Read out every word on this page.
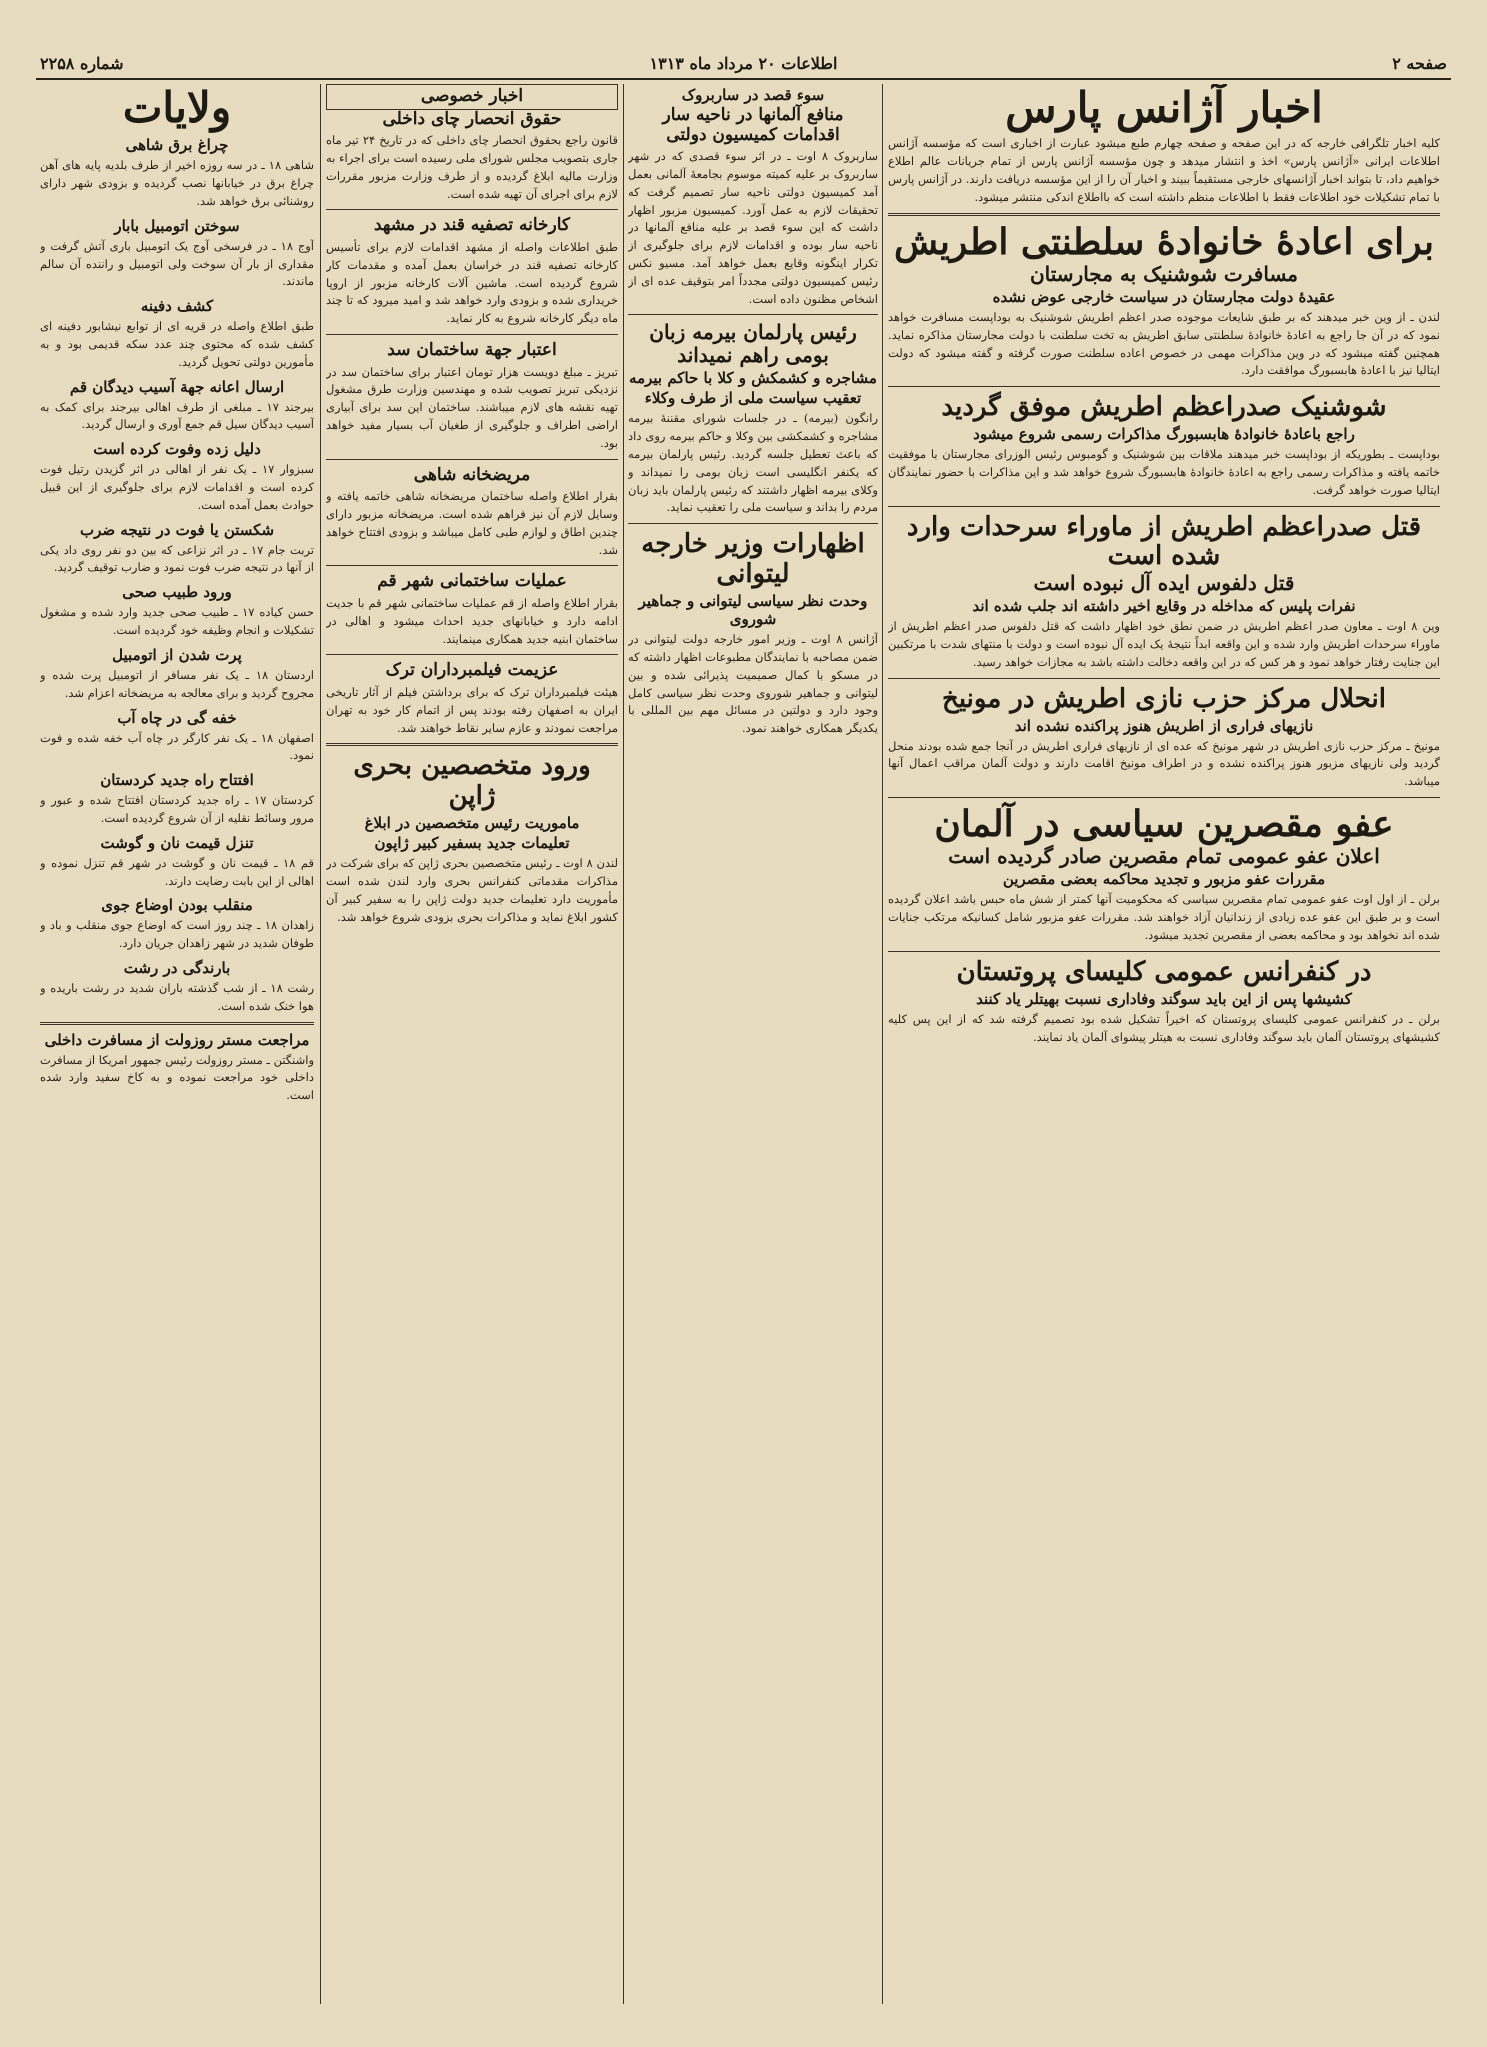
صفحه ۲
اطلاعات ۲۰ مرداد ماه ۱۳۱۳
شماره ۲۲۵۸
اخبار آژانس پارس
کلیه اخبار تلگرافی خارجه که در این صفحه و صفحه چهارم طبع میشود عبارت از اخباری است که مؤسسه آژانس اطلاعات ایرانی «آژانس پارس» اخذ و انتشار میدهد و چون مؤسسه آژانس پارس از تمام جریانات عالم اطلاع خواهیم داد، تا بتواند اخبار آژانسهای خارجی مستقیماً ببیند و اخبار آن را از این مؤسسه دریافت دارند. در آژانس پارس با تمام تشکیلات خود اطلاعات فقط با اطلاعات منظم داشته است که بااطلاع اندکی منتشر میشود.
برای اعادهٔ خانوادهٔ سلطنتی اطریش
مسافرت شوشنیک به مجارستان
عقیدهٔ دولت مجارستان در سیاست خارجی عوض نشده
لندن ـ از وین خبر میدهند که بر طبق شایعات موجوده صدر اعظم اطریش شوشنیک به بوداپست مسافرت خواهد نمود که در آن جا راجع به اعادهٔ خانوادهٔ سلطنتی سابق اطریش به تخت سلطنت با دولت مجارستان مذاکره نماید. همچنین گفته میشود که در وین مذاکرات مهمی در خصوص اعاده سلطنت صورت گرفته و گفته میشود که دولت ایتالیا نیز با اعادهٔ هابسبورگ موافقت دارد.
شوشنیک صدراعظم اطریش موفق گردید
راجع باعادهٔ خانوادهٔ هابسبورگ مذاکرات رسمی شروع میشود
بوداپست ـ بطوریکه از بوداپست خبر میدهند ملاقات بین شوشنیک و گومبوس رئیس الوزرای مجارستان با موفقیت خاتمه یافته و مذاکرات رسمی راجع به اعادهٔ خانوادهٔ هابسبورگ شروع خواهد شد و این مذاکرات با حضور نمایندگان ایتالیا صورت خواهد گرفت.
قتل صدراعظم اطریش از ماوراء سرحدات وارد شده است
قتل دلفوس ایده آل نبوده است
نفرات پلیس که مداخله در وقایع اخیر داشته اند جلب شده اند
وین ۸ اوت ـ معاون صدر اعظم اطریش در ضمن نطق خود اظهار داشت که قتل دلفوس صدر اعظم اطریش از ماوراء سرحدات اطریش وارد شده و این واقعه ابداً نتیجهٔ یک ایده آل نبوده است و دولت با منتهای شدت با مرتکبین این جنایت رفتار خواهد نمود و هر کس که در این واقعه دخالت داشته باشد به مجازات خواهد رسید.
انحلال مرکز حزب نازی اطریش در مونیخ
نازیهای فراری از اطریش هنوز پراکنده نشده اند
مونیخ ـ مرکز حزب نازی اطریش در شهر مونیخ که عده ای از نازیهای فراری اطریش در آنجا جمع شده بودند منحل گردید ولی نازیهای مزبور هنوز پراکنده نشده و در اطراف مونیخ اقامت دارند و دولت آلمان مراقب اعمال آنها میباشد.
عفو مقصرین سیاسی در آلمان
اعلان عفو عمومی تمام مقصرین صادر گردیده است
مقررات عفو مزبور و تجدید محاکمه بعضی مقصرین
برلن ـ از اول اوت عفو عمومی تمام مقصرین سیاسی که محکومیت آنها کمتر از شش ماه حبس باشد اعلان گردیده است و بر طبق این عفو عده زیادی از زندانیان آزاد خواهند شد. مقررات عفو مزبور شامل کسانیکه مرتکب جنایات شده اند نخواهد بود و محاکمه بعضی از مقصرین تجدید میشود.
در کنفرانس عمومی کلیسای پروتستان
کشیشها پس از این باید سوگند وفاداری نسبت بهیتلر یاد کنند
برلن ـ در کنفرانس عمومی کلیسای پروتستان که اخیراً تشکیل شده بود تصمیم گرفته شد که از این پس کلیه کشیشهای پروتستان آلمان باید سوگند وفاداری نسبت به هیتلر پیشوای آلمان یاد نمایند.
سوء قصد در ساربروک
منافع آلمانها در ناحیه سار
اقدامات کمیسیون دولتی
ساربروک ۸ اوت ـ در اثر سوء قصدی که در شهر ساربروک بر علیه کمیته موسوم بجامعهٔ آلمانی بعمل آمد کمیسیون دولتی ناحیه سار تصمیم گرفت که تحقیقات لازم به عمل آورد. کمیسیون مزبور اظهار داشت که این سوء قصد بر علیه منافع آلمانها در ناحیه سار بوده و اقدامات لازم برای جلوگیری از تکرار اینگونه وقایع بعمل خواهد آمد. مسیو نکس رئیس کمیسیون دولتی مجدداً امر بتوقیف عده ای از اشخاص مظنون داده است.
رئیس پارلمان بیرمه زبان
بومی راهم نمیداند
مشاجره و کشمکش و کلا با حاکم بیرمه
تعقیب سیاست ملی از طرف وکلاء
رانگون (بیرمه) ـ در جلسات شورای مقننهٔ بیرمه مشاجره و کشمکشی بین وکلا و حاکم بیرمه روی داد که باعث تعطیل جلسه گردید. رئیس پارلمان بیرمه که یکنفر انگلیسی است زبان بومی را نمیداند و وکلای بیرمه اظهار داشتند که رئیس پارلمان باید زبان مردم را بداند و سیاست ملی را تعقیب نماید.
اظهارات وزیر خارجه لیتوانی
وحدت نظر سیاسی لیتوانی و جماهیر شوروی
آژانس ۸ اوت ـ وزیر امور خارجه دولت لیتوانی در ضمن مصاحبه با نمایندگان مطبوعات اظهار داشته که در مسکو با کمال صمیمیت پذیرائی شده و بین لیتوانی و جماهیر شوروی وحدت نظر سیاسی کامل وجود دارد و دولتین در مسائل مهم بین المللی با یکدیگر همکاری خواهند نمود.
اخبار خصوصی
حقوق انحصار چای داخلی
قانون راجع بحقوق انحصار چای داخلی که در تاریخ ۲۴ تیر ماه جاری بتصویب مجلس شورای ملی رسیده است برای اجراء به وزارت مالیه ابلاغ گردیده و از طرف وزارت مزبور مقررات لازم برای اجرای آن تهیه شده است.
کارخانه تصفیه قند در مشهد
طبق اطلاعات واصله از مشهد اقدامات لازم برای تأسیس کارخانه تصفیه قند در خراسان بعمل آمده و مقدمات کار شروع گردیده است. ماشین آلات کارخانه مزبور از اروپا خریداری شده و بزودی وارد خواهد شد و امید میرود که تا چند ماه دیگر کارخانه شروع به کار نماید.
اعتبار جهة ساختمان سد
تبریز ـ مبلغ دویست هزار تومان اعتبار برای ساختمان سد در نزدیکی تبریز تصویب شده و مهندسین وزارت طرق مشغول تهیه نقشه های لازم میباشند. ساختمان این سد برای آبیاری اراضی اطراف و جلوگیری از طغیان آب بسیار مفید خواهد بود.
مریضخانه شاهی
بقرار اطلاع واصله ساختمان مریضخانه شاهی خاتمه یافته و وسایل لازم آن نیز فراهم شده است. مریضخانه مزبور دارای چندین اطاق و لوازم طبی کامل میباشد و بزودی افتتاح خواهد شد.
عملیات ساختمانی شهر قم
بقرار اطلاع واصله از قم عملیات ساختمانی شهر قم با جدیت ادامه دارد و خیابانهای جدید احداث میشود و اهالی در ساختمان ابنیه جدید همکاری مینمایند.
عزیمت فیلمبرداران ترک
هیئت فیلمبرداران ترک که برای برداشتن فیلم از آثار تاریخی ایران به اصفهان رفته بودند پس از اتمام کار خود به تهران مراجعت نمودند و عازم سایر نقاط خواهند شد.
ورود متخصصین بحری ژاپن
ماموریت رئیس متخصصین در ابلاغ
تعلیمات جدید بسفیر کبیر ژاپون
لندن ۸ اوت ـ رئیس متخصصین بحری ژاپن که برای شرکت در مذاکرات مقدماتی کنفرانس بحری وارد لندن شده است مأموریت دارد تعلیمات جدید دولت ژاپن را به سفیر کبیر آن کشور ابلاغ نماید و مذاکرات بحری بزودی شروع خواهد شد.
ولایات
چراغ برق شاهی
شاهی ۱۸ ـ در سه روزه اخیر از طرف بلدیه پایه های آهن چراغ برق در خیابانها نصب گردیده و بزودی شهر دارای روشنائی برق خواهد شد.
سوختن اتومبیل بابار
آوج ۱۸ ـ در فرسخی آوج یک اتومبیل باری آتش گرفت و مقداری از بار آن سوخت ولی اتومبیل و راننده آن سالم ماندند.
کشف دفینه
طبق اطلاع واصله در قریه ای از توابع نیشابور دفینه ای کشف شده که محتوی چند عدد سکه قدیمی بود و به مأمورین دولتی تحویل گردید.
ارسال اعانه جهة آسیب دیدگان قم
بیرجند ۱۷ ـ مبلغی از طرف اهالی بیرجند برای کمک به آسیب دیدگان سیل قم جمع آوری و ارسال گردید.
دلیل زده وفوت کرده است
سبزوار ۱۷ ـ یک نفر از اهالی در اثر گزیدن رتیل فوت کرده است و اقدامات لازم برای جلوگیری از این قبیل حوادث بعمل آمده است.
شکستن یا فوت در نتیجه ضرب
تربت جام ۱۷ ـ در اثر نزاعی که بین دو نفر روی داد یکی از آنها در نتیجه ضرب فوت نمود و ضارب توقیف گردید.
ورود طبیب صحی
حسن کیاده ۱۷ ـ طبیب صحی جدید وارد شده و مشغول تشکیلات و انجام وظیفه خود گردیده است.
پرت شدن از اتومبیل
اردستان ۱۸ ـ یک نفر مسافر از اتومبیل پرت شده و مجروح گردید و برای معالجه به مریضخانه اعزام شد.
خفه گی در چاه آب
اصفهان ۱۸ ـ یک نفر کارگر در چاه آب خفه شده و فوت نمود.
افتتاح راه جدید کردستان
کردستان ۱۷ ـ راه جدید کردستان افتتاح شده و عبور و مرور وسائط نقلیه از آن شروع گردیده است.
تنزل قیمت نان و گوشت
قم ۱۸ ـ قیمت نان و گوشت در شهر قم تنزل نموده و اهالی از این بابت رضایت دارند.
منقلب بودن اوضاع جوی
زاهدان ۱۸ ـ چند روز است که اوضاع جوی منقلب و باد و طوفان شدید در شهر زاهدان جریان دارد.
بارندگی در رشت
رشت ۱۸ ـ از شب گذشته باران شدید در رشت باریده و هوا خنک شده است.
مراجعت مستر روزولت از مسافرت داخلی
واشنگتن ـ مستر روزولت رئیس جمهور امریکا از مسافرت داخلی خود مراجعت نموده و به کاخ سفید وارد شده است.
